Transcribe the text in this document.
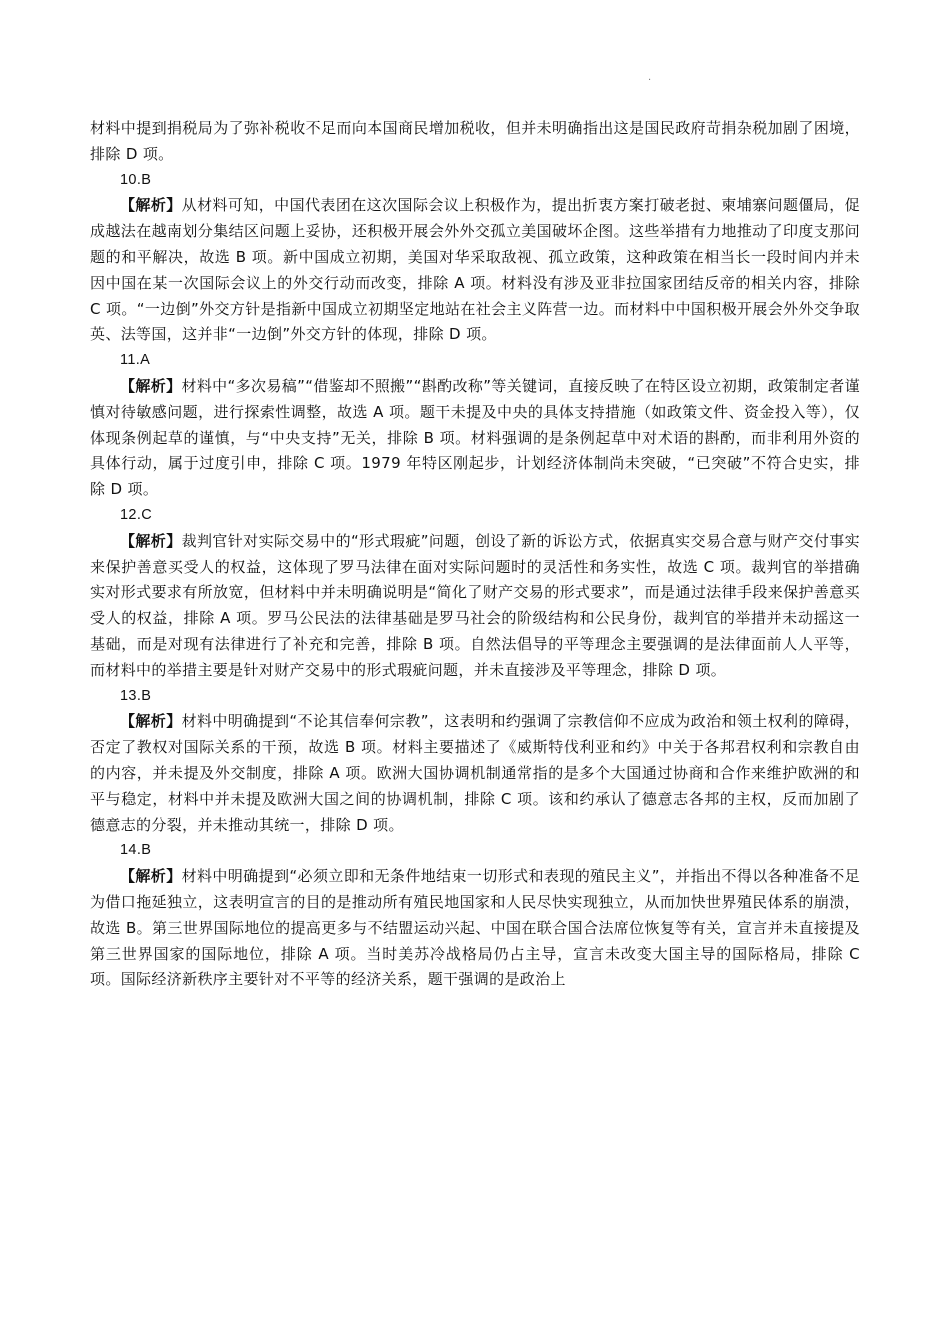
.

材料中提到捐税局为了弥补税收不足而向本国商民增加税收，但并未明确指出这是国民政府苛捐杂税加剧了困境，排除 D 项。

10.B

【解析】从材料可知，中国代表团在这次国际会议上积极作为，提出折衷方案打破老挝、柬埔寨问题僵局，促成越法在越南划分集结区问题上妥协，还积极开展会外外交孤立美国破坏企图。这些举措有力地推动了印度支那问题的和平解决，故选 B 项。新中国成立初期，美国对华采取敌视、孤立政策，这种政策在相当长一段时间内并未因中国在某一次国际会议上的外交行动而改变，排除 A 项。材料没有涉及亚非拉国家团结反帝的相关内容，排除 C 项。“一边倒”外交方针是指新中国成立初期坚定地站在社会主义阵营一边。而材料中中国积极开展会外外交争取英、法等国，这并非“一边倒”外交方针的体现，排除 D 项。

11.A

【解析】材料中“多次易稿”“借鉴却不照搬”“斟酌改称”等关键词，直接反映了在特区设立初期，政策制定者谨慎对待敏感问题，进行探索性调整，故选 A 项。题干未提及中央的具体支持措施（如政策文件、资金投入等），仅体现条例起草的谨慎，与“中央支持”无关，排除 B 项。材料强调的是条例起草中对术语的斟酌，而非利用外资的具体行动，属于过度引申，排除 C 项。1979 年特区刚起步，计划经济体制尚未突破，“已突破”不符合史实，排除 D 项。

12.C

【解析】裁判官针对实际交易中的“形式瑕疵”问题，创设了新的诉讼方式，依据真实交易合意与财产交付事实来保护善意买受人的权益，这体现了罗马法律在面对实际问题时的灵活性和务实性，故选 C 项。裁判官的举措确实对形式要求有所放宽，但材料中并未明确说明是“简化了财产交易的形式要求”，而是通过法律手段来保护善意买受人的权益，排除 A 项。罗马公民法的法律基础是罗马社会的阶级结构和公民身份，裁判官的举措并未动摇这一基础，而是对现有法律进行了补充和完善，排除 B 项。自然法倡导的平等理念主要强调的是法律面前人人平等，而材料中的举措主要是针对财产交易中的形式瑕疵问题，并未直接涉及平等理念，排除 D 项。

13.B

【解析】材料中明确提到“不论其信奉何宗教”，这表明和约强调了宗教信仰不应成为政治和领土权利的障碍，否定了教权对国际关系的干预，故选 B 项。材料主要描述了《威斯特伐利亚和约》中关于各邦君权利和宗教自由的内容，并未提及外交制度，排除 A 项。欧洲大国协调机制通常指的是多个大国通过协商和合作来维护欧洲的和平与稳定，材料中并未提及欧洲大国之间的协调机制，排除 C 项。该和约承认了德意志各邦的主权，反而加剧了德意志的分裂，并未推动其统一，排除 D 项。

14.B

【解析】材料中明确提到“必须立即和无条件地结束一切形式和表现的殖民主义”，并指出不得以各种准备不足为借口拖延独立，这表明宣言的目的是推动所有殖民地国家和人民尽快实现独立，从而加快世界殖民体系的崩溃，故选 B。第三世界国际地位的提高更多与不结盟运动兴起、中国在联合国合法席位恢复等有关，宣言并未直接提及第三世界国家的国际地位，排除 A 项。当时美苏冷战格局仍占主导，宣言未改变大国主导的国际格局，排除 C 项。国际经济新秩序主要针对不平等的经济关系，题干强调的是政治上
